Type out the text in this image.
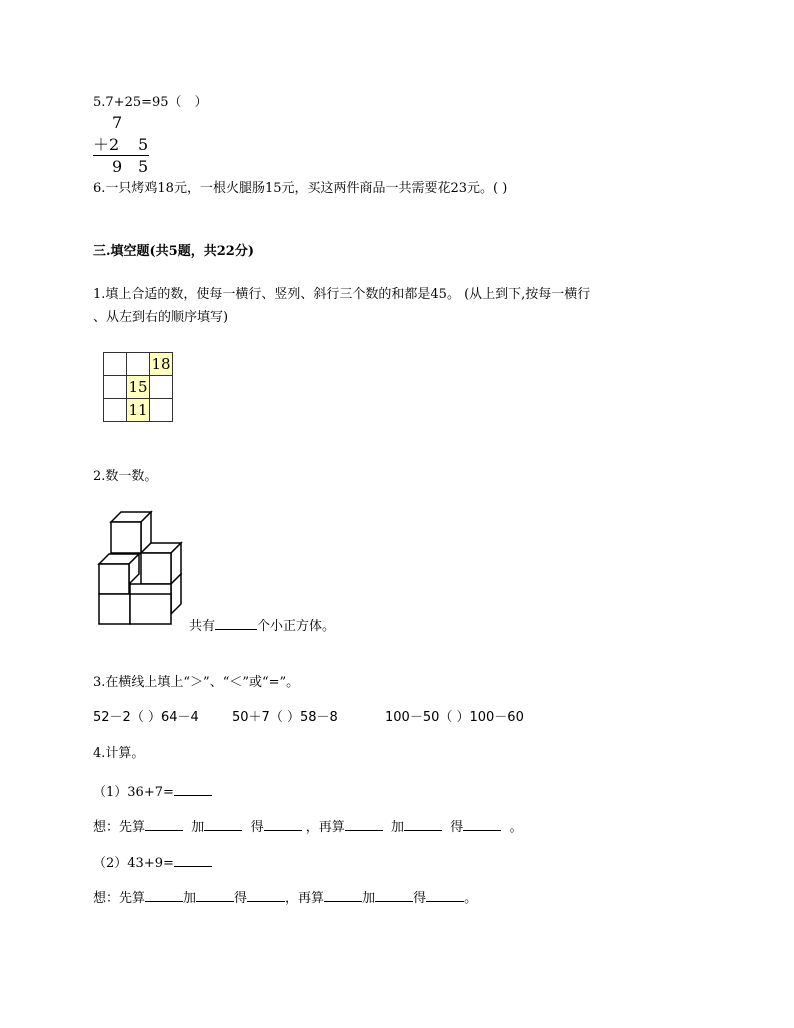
5.7+25=95（　）
7
＋2 5
9 5
6.一只烤鸡18元，一根火腿肠15元，买这两件商品一共需要花23元。( )
三.填空题(共5题，共22分)
1.填上合适的数，使每一横行、竖列、斜行三个数的和都是45。 (从上到下,按每一横行
、从左到右的顺序填写)
		18
	15	
	11	
2.数一数。
共有	个小正方体。
3.在横线上填上“＞”、“＜”或“=”。
52－2（ ）64－4	50＋7（ ）58－8	100－50（ ）100－60
4.计算。
（1）36+7=
想：先算	加	得	，再算	加	得	。
（2）43+9=
想：先算	加	得	，再算	加	得	。
